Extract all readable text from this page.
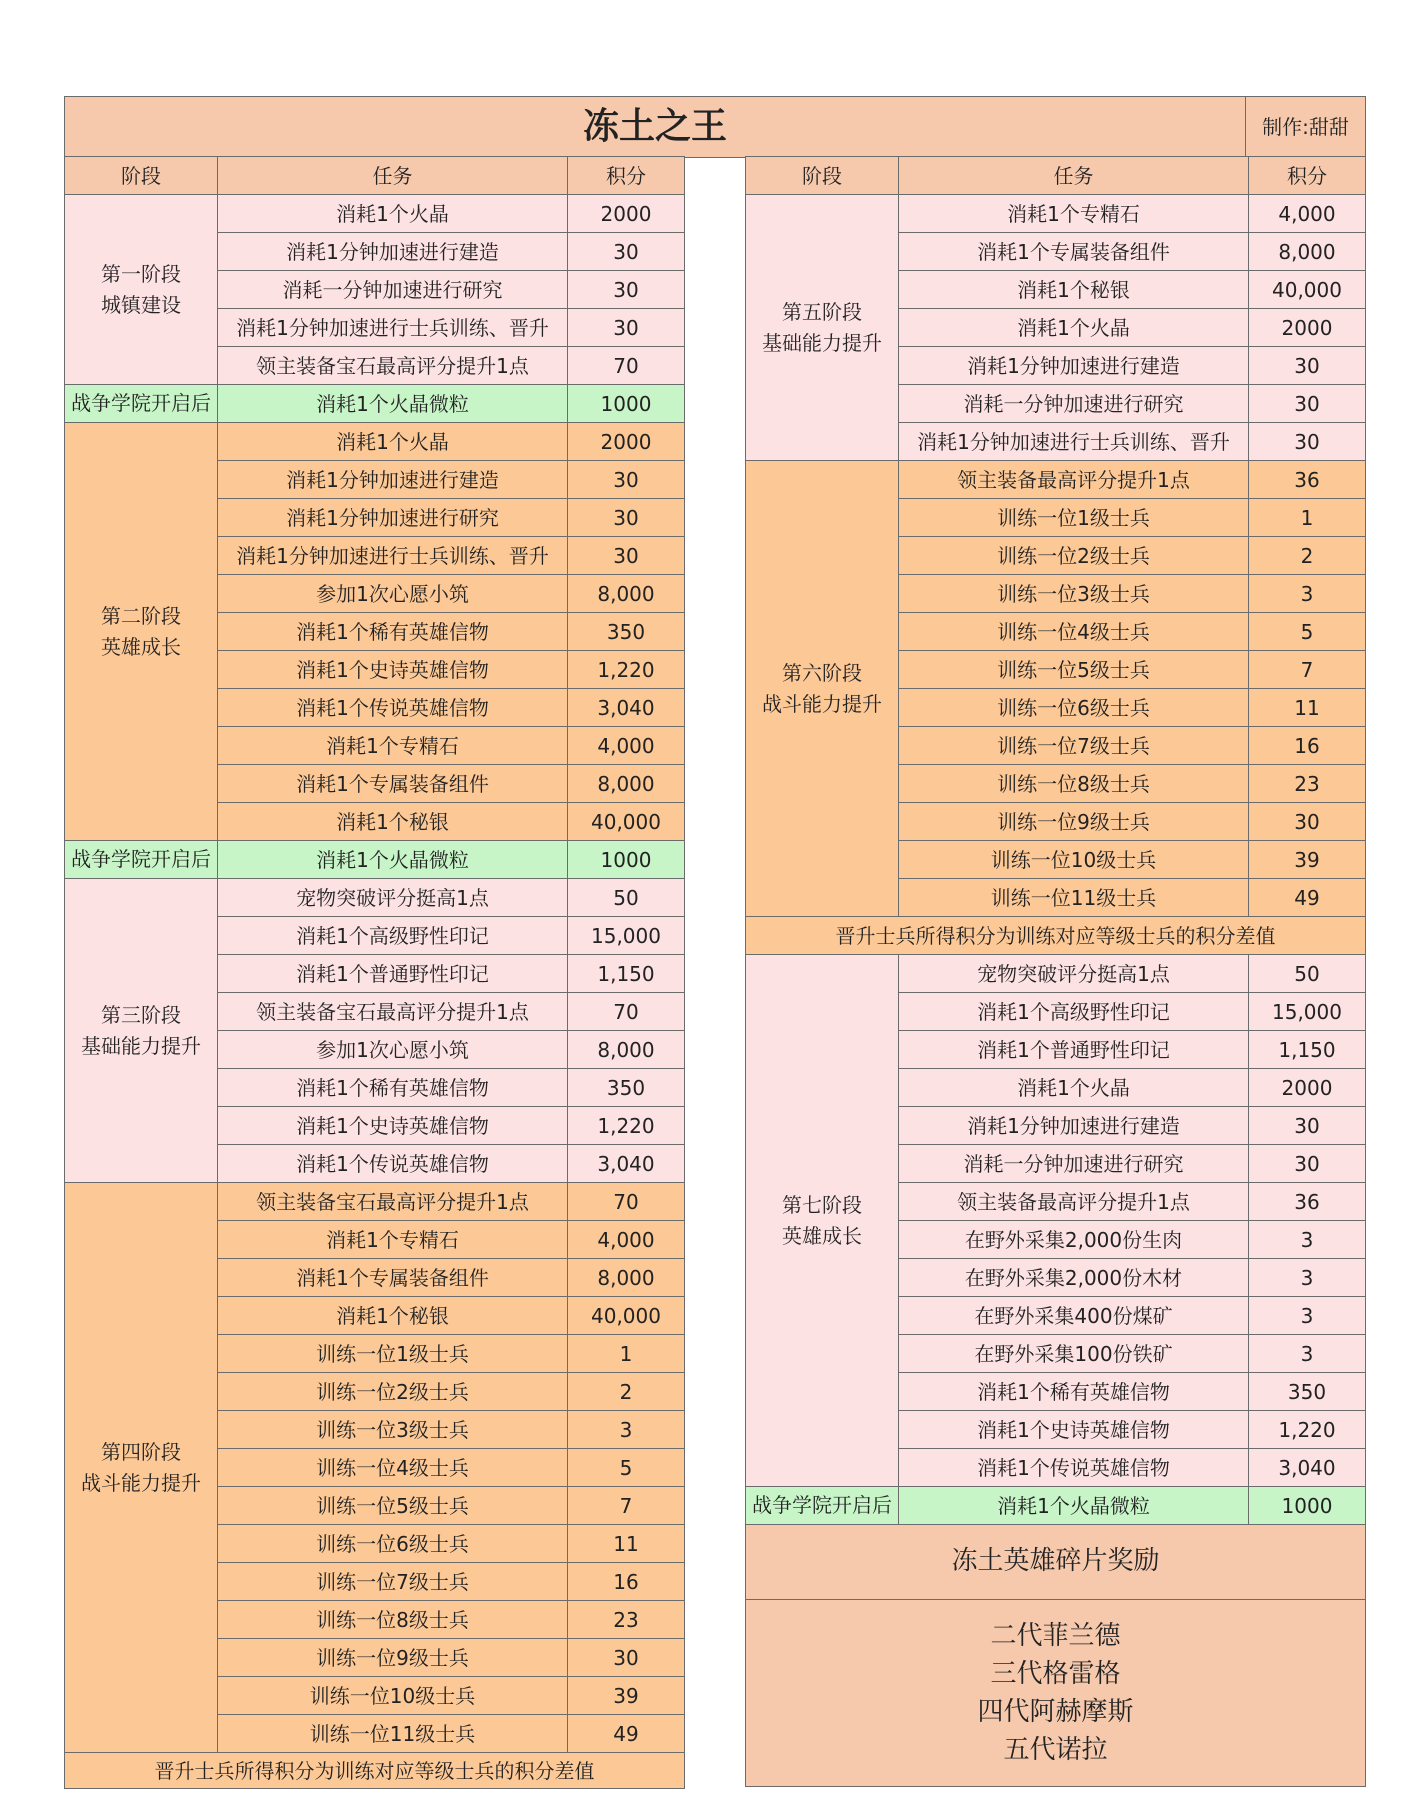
冻土之王	制作:甜甜
阶段	任务	积分
第一阶段
城镇建设	消耗1个火晶	2000
	消耗1分钟加速进行建造	30
	消耗一分钟加速进行研究	30
	消耗1分钟加速进行士兵训练、晋升	30
	领主装备宝石最高评分提升1点	70
战争学院开启后	消耗1个火晶微粒	1000
第二阶段
英雄成长	消耗1个火晶	2000
	消耗1分钟加速进行建造	30
	消耗1分钟加速进行研究	30
	消耗1分钟加速进行士兵训练、晋升	30
	参加1次心愿小筑	8,000
	消耗1个稀有英雄信物	350
	消耗1个史诗英雄信物	1,220
	消耗1个传说英雄信物	3,040
	消耗1个专精石	4,000
	消耗1个专属装备组件	8,000
	消耗1个秘银	40,000
战争学院开启后	消耗1个火晶微粒	1000
第三阶段
基础能力提升	宠物突破评分挺高1点	50
	消耗1个高级野性印记	15,000
	消耗1个普通野性印记	1,150
	领主装备宝石最高评分提升1点	70
	参加1次心愿小筑	8,000
	消耗1个稀有英雄信物	350
	消耗1个史诗英雄信物	1,220
	消耗1个传说英雄信物	3,040
第四阶段
战斗能力提升	领主装备宝石最高评分提升1点	70
	消耗1个专精石	4,000
	消耗1个专属装备组件	8,000
	消耗1个秘银	40,000
	训练一位1级士兵	1
	训练一位2级士兵	2
	训练一位3级士兵	3
	训练一位4级士兵	5
	训练一位5级士兵	7
	训练一位6级士兵	11
	训练一位7级士兵	16
	训练一位8级士兵	23
	训练一位9级士兵	30
	训练一位10级士兵	39
	训练一位11级士兵	49
晋升士兵所得积分为训练对应等级士兵的积分差值		
阶段	任务	积分
第五阶段
基础能力提升	消耗1个专精石	4,000
	消耗1个专属装备组件	8,000
	消耗1个秘银	40,000
	消耗1个火晶	2000
	消耗1分钟加速进行建造	30
	消耗一分钟加速进行研究	30
	消耗1分钟加速进行士兵训练、晋升	30
第六阶段
战斗能力提升	领主装备最高评分提升1点	36
	训练一位1级士兵	1
	训练一位2级士兵	2
	训练一位3级士兵	3
	训练一位4级士兵	5
	训练一位5级士兵	7
	训练一位6级士兵	11
	训练一位7级士兵	16
	训练一位8级士兵	23
	训练一位9级士兵	30
	训练一位10级士兵	39
	训练一位11级士兵	49
晋升士兵所得积分为训练对应等级士兵的积分差值		
第七阶段
英雄成长	宠物突破评分挺高1点	50
	消耗1个高级野性印记	15,000
	消耗1个普通野性印记	1,150
	消耗1个火晶	2000
	消耗1分钟加速进行建造	30
	消耗一分钟加速进行研究	30
	领主装备最高评分提升1点	36
	在野外采集2,000份生肉	3
	在野外采集2,000份木材	3
	在野外采集400份煤矿	3
	在野外采集100份铁矿	3
	消耗1个稀有英雄信物	350
	消耗1个史诗英雄信物	1,220
	消耗1个传说英雄信物	3,040
战争学院开启后	消耗1个火晶微粒	1000
冻土英雄碎片奖励		
二代菲兰德
三代格雷格
四代阿赫摩斯
五代诺拉		
